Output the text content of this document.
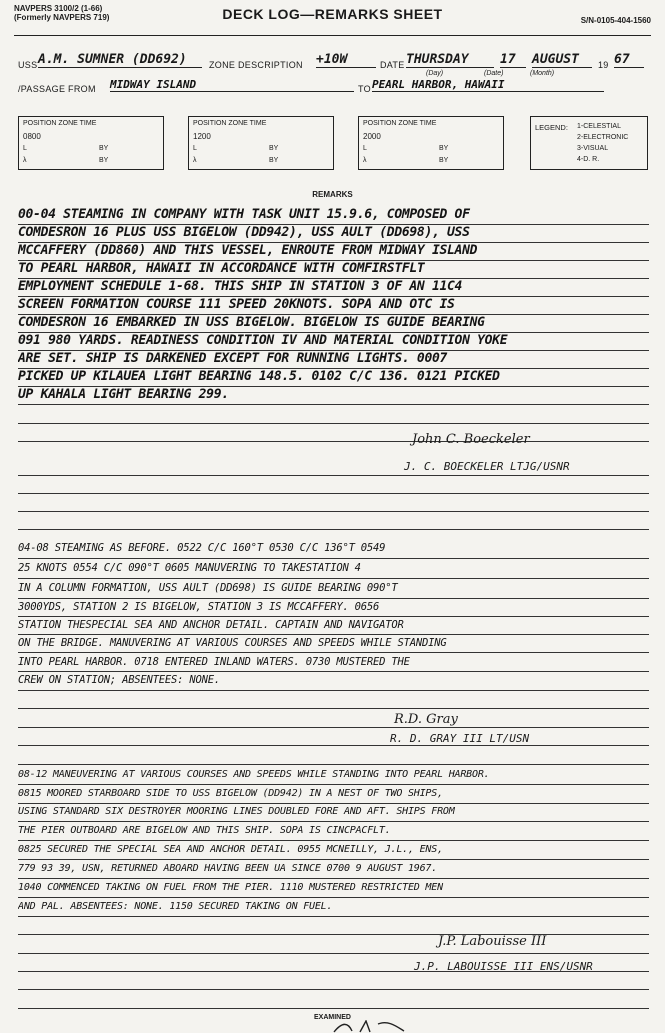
NAVPERS 3100/2 (1-66)
(Formerly NAVPERS 719)	DECK LOG—REMARKS SHEET	S/N-0105-404-1560
USS A.M. SUMNER (DD692)	ZONE DESCRIPTION +10W	DATE THURSDAY	17	AUGUST	19 67
(Day)	(Date)	(Month)
/PASSAGE FROM MIDWAY ISLAND	TO PEARL HARBOR, HAWAII
POSITION ZONE TIME
0800
L	BY
λ	BY
POSITION ZONE TIME
1200
L	BY
λ	BY
POSITION ZONE TIME
2000
L	BY
λ	BY
LEGEND:	1-CELESTIAL
2-ELECTRONIC
3-VISUAL
4-D. R.
REMARKS
00-04 STEAMING IN COMPANY WITH TASK UNIT 15.9.6, COMPOSED OF
COMDESRON 16 PLUS USS BIGELOW (DD942), USS AULT (DD698), USS
MCCAFFERY (DD860) AND THIS VESSEL, ENROUTE FROM MIDWAY ISLAND
TO PEARL HARBOR, HAWAII IN ACCORDANCE WITH COMFIRSTFLT
EMPLOYMENT SCHEDULE 1-68. THIS SHIP IN STATION 3 OF AN 11C4
SCREEN FORMATION COURSE 111 SPEED 20KNOTS. SOPA AND OTC IS
COMDESRON 16 EMBARKED IN USS BIGELOW. BIGELOW IS GUIDE BEARING
091 980 YARDS. READINESS CONDITION IV AND MATERIAL CONDITION YOKE
ARE SET. SHIP IS DARKENED EXCEPT FOR RUNNING LIGHTS. 0007
PICKED UP KILAUEA LIGHT BEARING 148.5. 0102 C/C 136. 0121 PICKED
UP KAHALA LIGHT BEARING 299.
John C. Boeckeler
J. C. BOECKELER LTJG/USNR
04-08 STEAMING AS BEFORE. 0522 C/C 160°T 0530 C/C 136°T 0549
25 KNOTS 0554 C/C 090°T 0605 MANUVERING TO TAKESTATION 4
IN A COLUMN FORMATION, USS AULT (DD698) IS GUIDE BEARING 090°T
3000YDS, STATION 2 IS BIGELOW, STATION 3 IS MCCAFFERY. 0656
STATION THESPECIAL SEA AND ANCHOR DETAIL. CAPTAIN AND NAVIGATOR
ON THE BRIDGE. MANUVERING AT VARIOUS COURSES AND SPEEDS WHILE STANDING
INTO PEARL HARBOR. 0718 ENTERED INLAND WATERS. 0730 MUSTERED THE
CREW ON STATION; ABSENTEES: NONE.
R.D. Gray
R. D. GRAY III LT/USN
08-12 MANEUVERING AT VARIOUS COURSES AND SPEEDS WHILE STANDING INTO PEARL HARBOR.
0815 MOORED STARBOARD SIDE TO USS BIGELOW (DD942) IN A NEST OF TWO SHIPS,
USING STANDARD SIX DESTROYER MOORING LINES DOUBLED FORE AND AFT. SHIPS FROM
THE PIER OUTBOARD ARE BIGELOW AND THIS SHIP. SOPA IS CINCPACFLT.
0825 SECURED THE SPECIAL SEA AND ANCHOR DETAIL. 0955 MCNEILLY, J.L., ENS,
779 93 39, USN, RETURNED ABOARD HAVING BEEN UA SINCE 0700 9 AUGUST 1967.
1040 COMMENCED TAKING ON FUEL FROM THE PIER. 1110 MUSTERED RESTRICTED MEN
AND PAL. ABSENTEES: NONE. 1150 SECURED TAKING ON FUEL.
J.P. Labouisse III
J.P. LABOUISSE III ENS/USNR
EXAMINED
